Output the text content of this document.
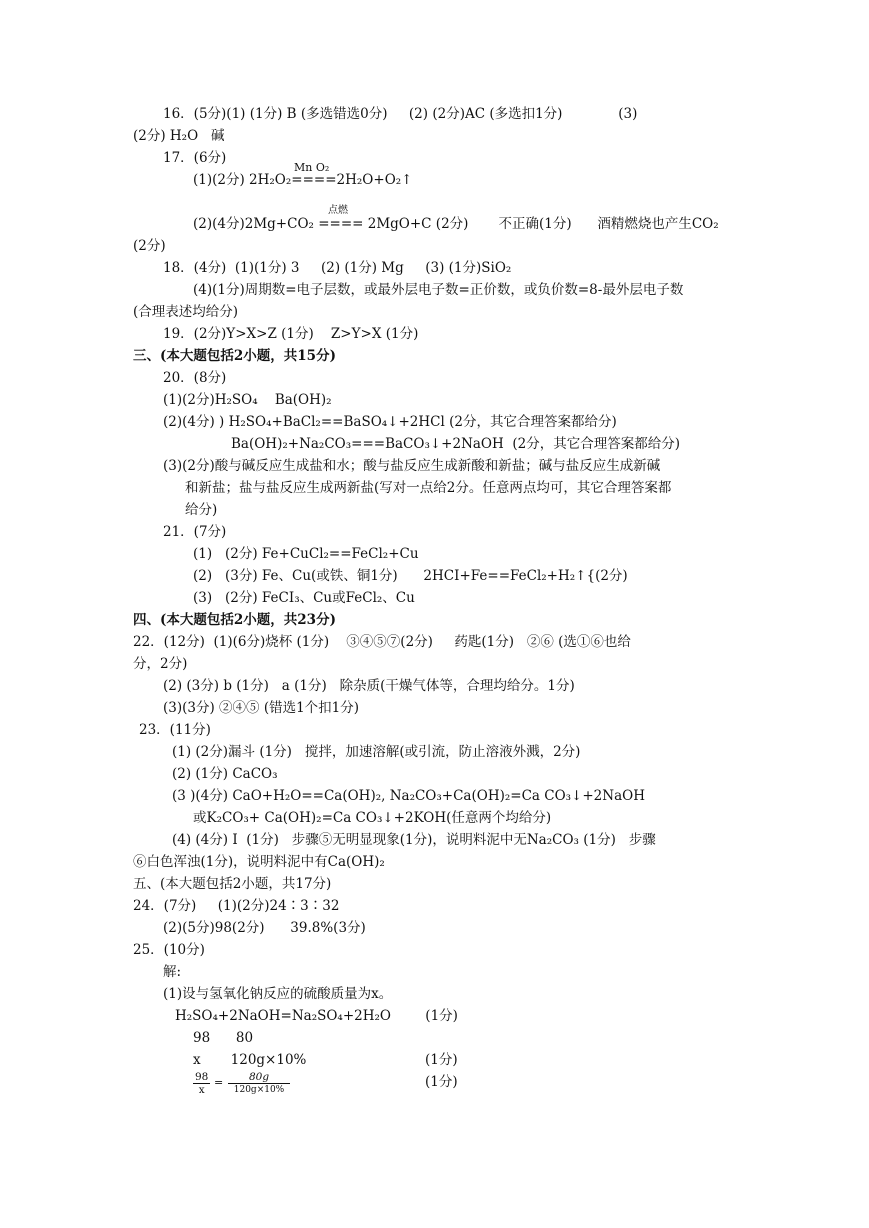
16．(5分)(1) (1分) B (多选错选0分)     (2) (2分)AC (多选扣1分)             (3)
(2分) H₂O   碱
17．(6分)
Mn O₂
(1)(2分) 2H₂O₂====2H₂O+O₂↑
点燃
(2)(4分)2Mg+CO₂ ==== 2MgO+C (2分)       不正确(1分)      酒精燃烧也产生CO₂
(2分)
18．(4分)  (1)(1分) 3     (2) (1分) Mg     (3) (1分)SiO₂
(4)(1分)周期数=电子层数，或最外层电子数=正价数，或负价数=8-最外层电子数
(合理表述均给分)
19．(2分)Y>X>Z (1分)    Z>Y>X (1分)
三、(本大题包括2小题，共15分)
20．(8分)
(1)(2分)H₂SO₄    Ba(OH)₂
(2)(4分) ) H₂SO₄+BaCl₂==BaSO₄↓+2HCl (2分，其它合理答案都给分)
Ba(OH)₂+Na₂CO₃===BaCO₃↓+2NaOH  (2分，其它合理答案都给分)
(3)(2分)酸与碱反应生成盐和水；酸与盐反应生成新酸和新盐；碱与盐反应生成新碱
和新盐；盐与盐反应生成两新盐(写对一点给2分。任意两点均可，其它合理答案都
给分)
21．(7分)
(1)   (2分) Fe+CuCl₂==FeCl₂+Cu
(2)   (3分) Fe、Cu(或铁、铜1分)      2HCI+Fe==FeCl₂+H₂↑{(2分)
(3)   (2分) FeCI₃、Cu或FeCl₂、Cu
四、(本大题包括2小题，共23分)
22．(12分)  (1)(6分)烧杯 (1分)    ③④⑤⑦(2分)     药匙(1分)   ②⑥ (选①⑥也给
分，2分)
(2) (3分) b (1分)   a (1分)   除杂质(干燥气体等，合理均给分。1分)
(3)(3分) ②④⑤ (错选1个扣1分)
23．(11分)
(1) (2分)漏斗 (1分)   搅拌，加速溶解(或引流，防止溶液外溅，2分)
(2) (1分) CaCO₃
(3 )(4分) CaO+H₂O==Ca(OH)₂, Na₂CO₃+Ca(OH)₂=Ca CO₃↓+2NaOH
或K₂CO₃+ Ca(OH)₂=Ca CO₃↓+2KOH(任意两个均给分)
(4) (4分) I  (1分)   步骤⑤无明显现象(1分)，说明料泥中无Na₂CO₃ (1分)   步骤
⑥白色浑浊(1分)，说明料泥中有Ca(OH)₂
五、(本大题包括2小题，共17分)
24．(7分)     (1)(2分)24∶3∶32
(2)(5分)98(2分)      39.8%(3分)
25．(10分)
解:
(1)设与氢氧化钠反应的硫酸质量为x。
H₂SO₄+2NaOH=Na₂SO₄+2H₂O        (1分)
98      80
x       120g×10%	(1分)
$\frac{98}{x} = \frac{80g}{120g\times 10\%}$	(1分)
